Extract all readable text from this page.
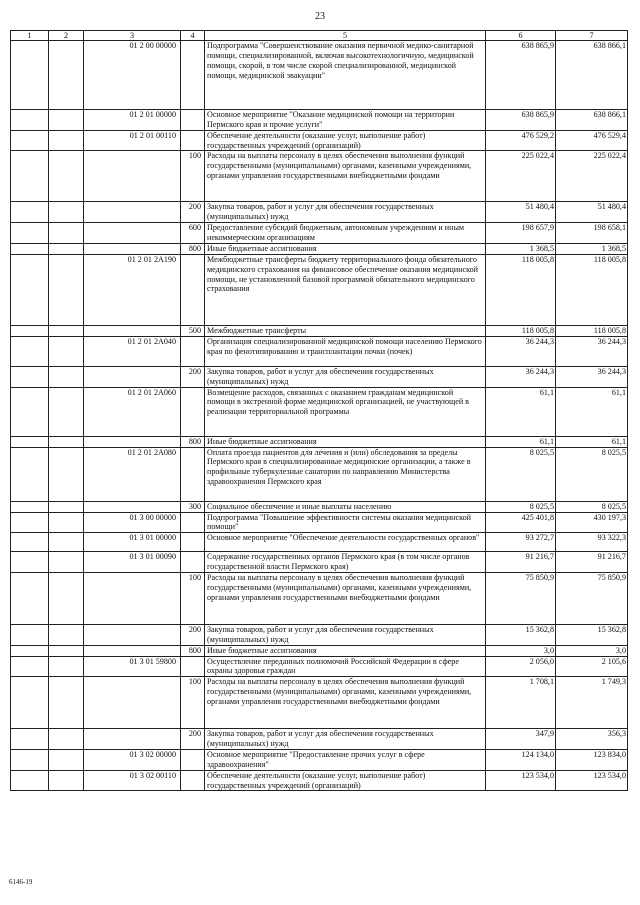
23
1	2	3	4	5	6	7
		01 2 00 00000		Подпрограмма "Совершенствование оказания первичной медико-санитарной помощи, специализированной, включая высокотехнологичную, медицинской помощи, скорой, в том числе скорой специализированной, медицинской помощи, медицинской эвакуации"	638 865,9	638 866,1
		01 2 01 00000		Основное мероприятие "Оказание медицинской помощи на территории Пермского края и прочие услуги"	638 865,9	638 866,1
		01 2 01 00110		Обеспечение деятельности (оказание услуг, выполнение работ) государственных учреждений (организаций)	476 529,2	476 529,4
			100	Расходы на выплаты персоналу в целях обеспечения выполнения функций государственными (муниципальными) органами, казенными учреждениями, органами управления государственными внебюджетными фондами	225 022,4	225 022,4
			200	Закупка товаров, работ и услуг для обеспечения государственных (муниципальных) нужд	51 480,4	51 480,4
			600	Предоставление субсидий бюджетным, автономным учреждениям и иным некоммерческим организациям	198 657,9	198 658,1
			800	Иные бюджетные ассигнования	1 368,5	1 368,5
		01 2 01 2А190		Межбюджетные трансферты бюджету территориального фонда обязательного медицинского страхования на финансовое обеспечение оказания медицинской помощи, не установленной базовой программой обязательного медицинского страхования	118 005,8	118 005,8
			500	Межбюджетные трансферты	118 005,8	118 005,8
		01 2 01 2А040		Организация специализированной медицинской помощи населению Пермского края по фенотипированию и трансплантации почки (почек)	36 244,3	36 244,3
			200	Закупка товаров, работ и услуг для обеспечения государственных (муниципальных) нужд	36 244,3	36 244,3
		01 2 01 2А060		Возмещение расходов, связанных с оказанием гражданам медицинской помощи в экстренной форме медицинской организацией, не участвующей в реализации территориальной программы	61,1	61,1
			800	Иные бюджетные ассигнования	61,1	61,1
		01 2 01 2А080		Оплата проезда пациентов для лечения и (или) обследования за пределы Пермского края в специализированные медицинские организации, а также в профильные туберкулезные санатории по направлению Министерства здравоохранения Пермского края	8 025,5	8 025,5
			300	Социальное обеспечение и иные выплаты населению	8 025,5	8 025,5
		01 3 00 00000		Подпрограмма "Повышение эффективности системы оказания медицинской помощи"	425 401,8	430 197,3
		01 3 01 00000		Основное мероприятие "Обеспечение деятельности государственных органов"	93 272,7	93 322,3
		01 3 01 00090		Содержание государственных органов Пермского края (в том числе органов государственной власти Пермского края)	91 216,7	91 216,7
			100	Расходы на выплаты персоналу в целях обеспечения выполнения функций государственными (муниципальными) органами, казенными учреждениями, органами управления государственными внебюджетными фондами	75 850,9	75 850,9
			200	Закупка товаров, работ и услуг для обеспечения государственных (муниципальных) нужд	15 362,8	15 362,8
			800	Иные бюджетные ассигнования	3,0	3,0
		01 3 01 59800		Осуществление переданных полномочий Российской Федерации в сфере охраны здоровья граждан	2 056,0	2 105,6
			100	Расходы на выплаты персоналу в целях обеспечения выполнения функций государственными (муниципальными) органами, казенными учреждениями, органами управления государственными внебюджетными фондами	1 708,1	1 749,3
			200	Закупка товаров, работ и услуг для обеспечения государственных (муниципальных) нужд	347,9	356,3
		01 3 02 00000		Основное мероприятие "Предоставление прочих услуг в сфере здравоохранения"	124 134,0	123 834,0
		01 3 02 00110		Обеспечение деятельности (оказание услуг, выполнение работ) государственных учреждений (организаций)	123 534,0	123 534,0
6146-19
